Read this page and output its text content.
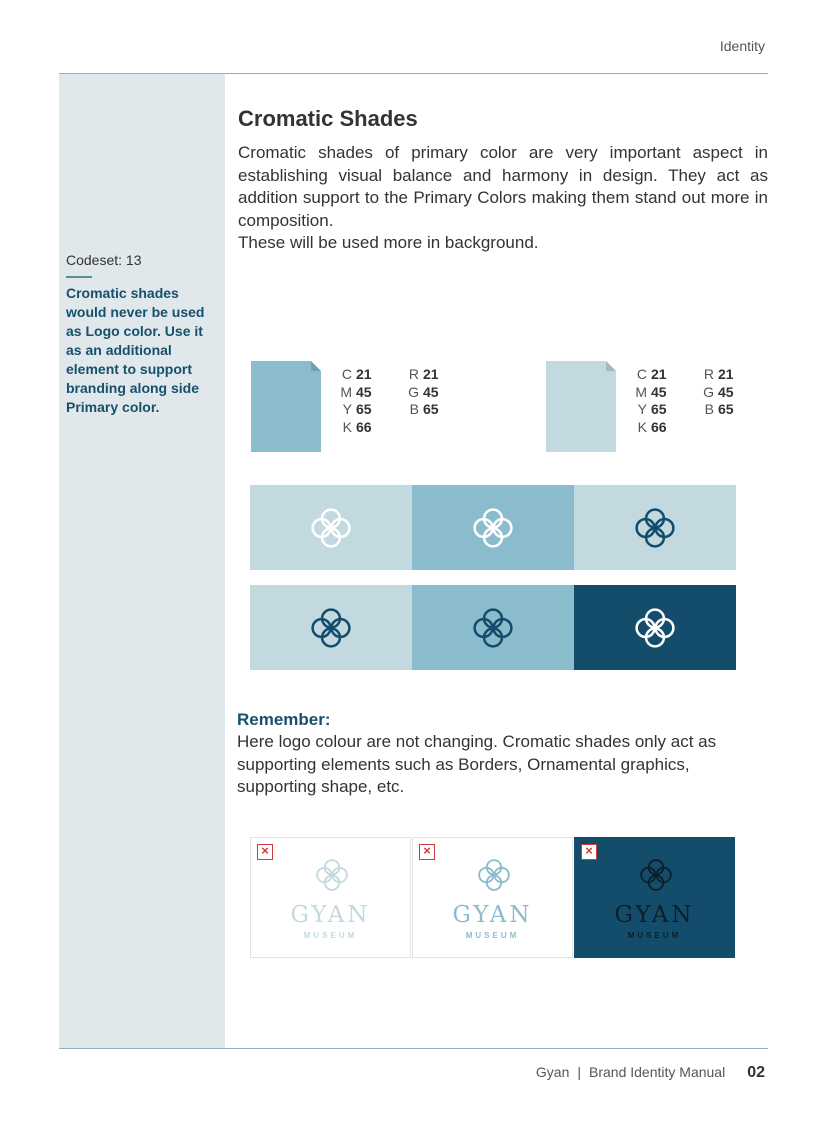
Identity
Codeset: 13
Cromatic shades would never be used as Logo color. Use it as an additional element to support branding along side Primary color.
Cromatic Shades

Cromatic shades of primary color are very important aspect in establishing visual balance and harmony in design. They act as addition support to the Primary Colors making them stand out more in composition.

These will be used more in background.

C 21
M 45
Y 65
K 66
R 21
G 45
B 65
C 21
M 45
Y 65
K 66
R 21
G 45
B 65
Remember:
Here logo colour are not changing. Cromatic shades only act as supporting elements such as Borders, Ornamental graphics, supporting shape, etc.
×
GYAN
MUSEUM
×
GYAN
MUSEUM
×
GYAN
MUSEUM
Gyan | Brand Identity Manual 02
